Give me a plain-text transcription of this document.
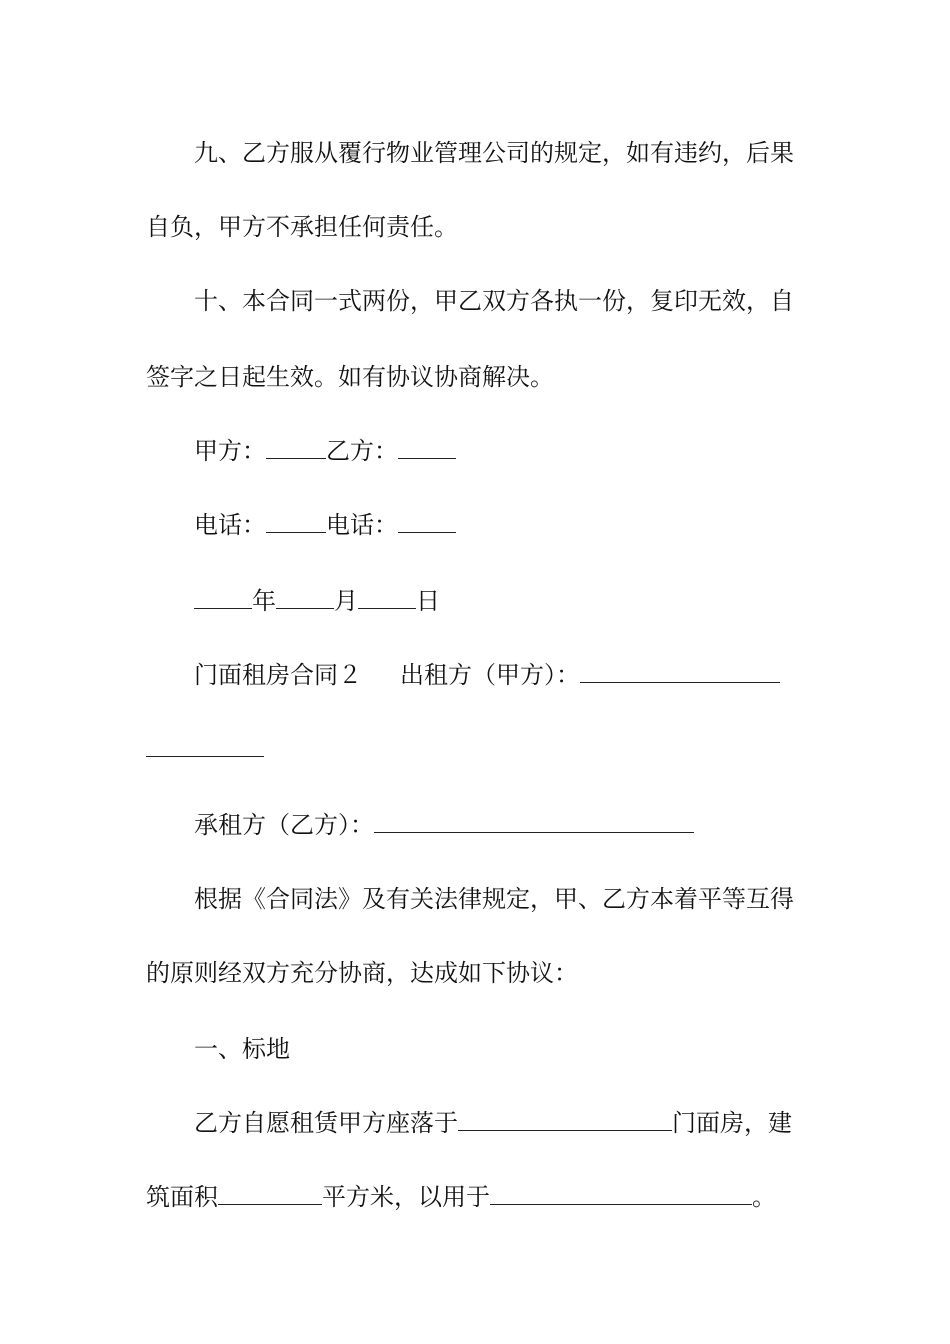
九、乙方服从覆行物业管理公司的规定，如有违约，后果
自负，甲方不承担任何责任。
十、本合同一式两份，甲乙双方各执一份，复印无效，自
签字之日起生效。如有协议协商解决。
甲方：	乙方：
电话：	电话：
年 月 日
门面租房合同２ 出租方（甲方）：
承租方（乙方）：
根据《合同法》及有关法律规定，甲、乙方本着平等互得
的原则经双方充分协商，达成如下协议：
一、标地
乙方自愿租赁甲方座落于	门面房，建
筑面积	平方米，以用于	。
